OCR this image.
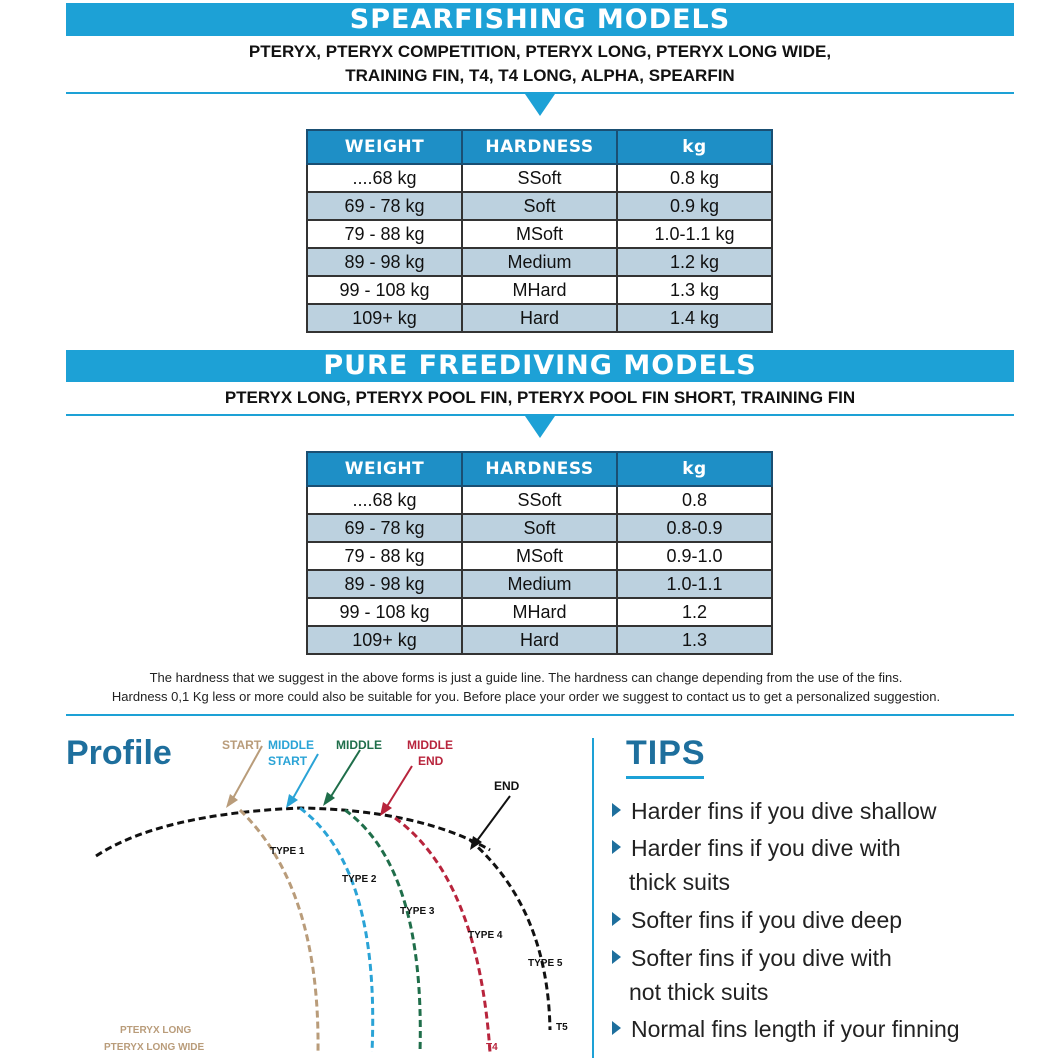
SPEARFISHING MODELS
PTERYX, PTERYX COMPETITION, PTERYX LONG, PTERYX LONG WIDE,
TRAINING FIN, T4, T4 LONG, ALPHA, SPEARFIN
WEIGHT	HARDNESS	kg
....68 kg	SSoft	0.8 kg
69 - 78 kg	Soft	0.9 kg
79 - 88 kg	MSoft	1.0-1.1 kg
89 - 98 kg	Medium	1.2 kg
99 - 108 kg	MHard	1.3 kg
109+ kg	Hard	1.4 kg
PURE FREEDIVING MODELS
PTERYX LONG, PTERYX POOL FIN, PTERYX POOL FIN SHORT, TRAINING FIN
WEIGHT	HARDNESS	kg
....68 kg	SSoft	0.8
69 - 78 kg	Soft	0.8-0.9
79 - 88 kg	MSoft	0.9-1.0
89 - 98 kg	Medium	1.0-1.1
99 - 108 kg	MHard	1.2
109+ kg	Hard	1.3
The hardness that we suggest in the above forms is just a guide line. The hardness can change depending from the use of the fins.
Hardness 0,1 Kg less or more could also be suitable for you. Before place your order we suggest to contact us to get a personalized suggestion.
Profile	START MIDDLE
START
MIDDLE MIDDLE
END
END
TYPE 1
TYPE 2
TYPE 3
TYPE 4
TYPE 5
T5
T4
PTERYX LONG
PTERYX LONG WIDE
TIPS
Harder fins if you dive shallow
Harder fins if you dive with
thick suits
Softer fins if you dive deep
Softer fins if you dive with
not thick suits
Normal fins length if your finning
